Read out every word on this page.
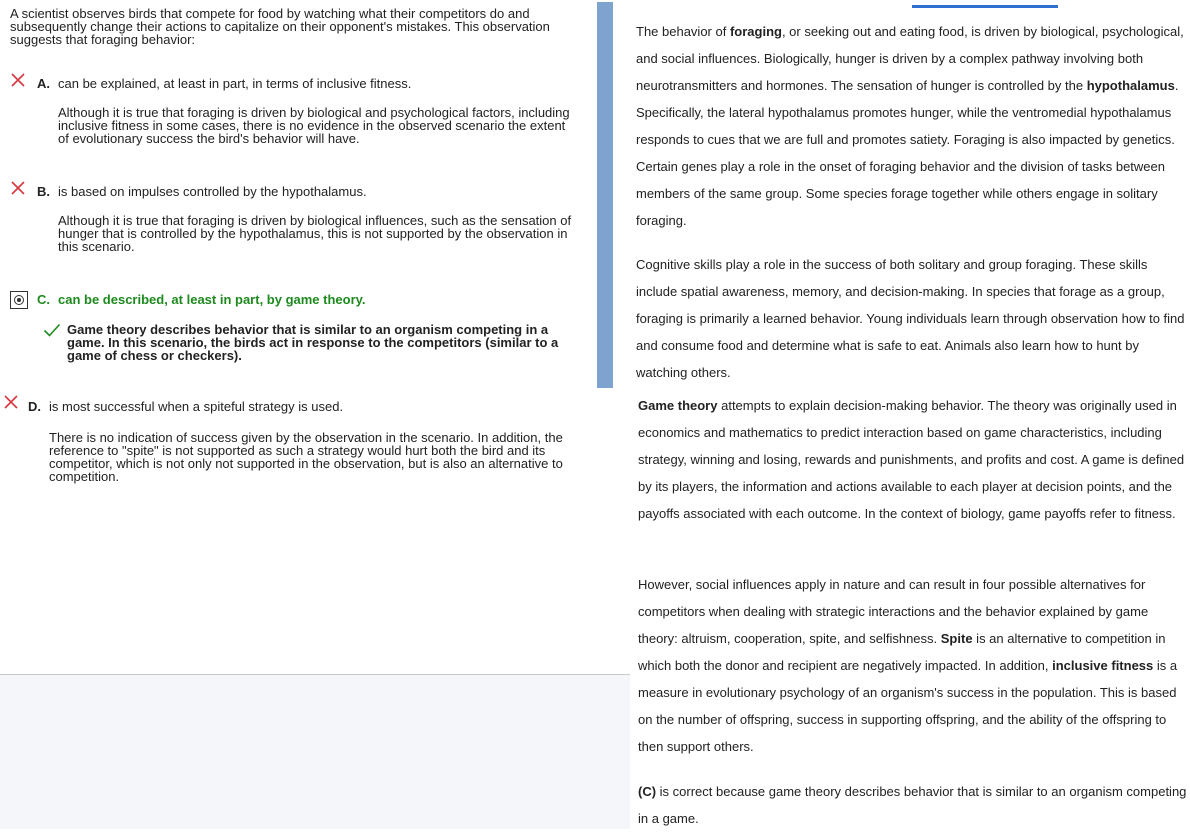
A scientist observes birds that compete for food by watching what their competitors do and subsequently change their actions to capitalize on their opponent's mistakes. This observation suggests that foraging behavior:
A. can be explained, at least in part, in terms of inclusive fitness.
Although it is true that foraging is driven by biological and psychological factors, including inclusive fitness in some cases, there is no evidence in the observed scenario the extent of evolutionary success the bird's behavior will have.
B. is based on impulses controlled by the hypothalamus.
Although it is true that foraging is driven by biological influences, such as the sensation of hunger that is controlled by the hypothalamus, this is not supported by the observation in this scenario.
C. can be described, at least in part, by game theory.
Game theory describes behavior that is similar to an organism competing in a game. In this scenario, the birds act in response to the competitors (similar to a game of chess or checkers).
D. is most successful when a spiteful strategy is used.
There is no indication of success given by the observation in the scenario. In addition, the reference to "spite" is not supported as such a strategy would hurt both the bird and its competitor, which is not only not supported in the observation, but is also an alternative to competition.
The behavior of foraging, or seeking out and eating food, is driven by biological, psychological, and social influences. Biologically, hunger is driven by a complex pathway involving both neurotransmitters and hormones. The sensation of hunger is controlled by the hypothalamus. Specifically, the lateral hypothalamus promotes hunger, while the ventromedial hypothalamus responds to cues that we are full and promotes satiety. Foraging is also impacted by genetics. Certain genes play a role in the onset of foraging behavior and the division of tasks between members of the same group. Some species forage together while others engage in solitary foraging.
Cognitive skills play a role in the success of both solitary and group foraging. These skills include spatial awareness, memory, and decision-making. In species that forage as a group, foraging is primarily a learned behavior. Young individuals learn through observation how to find and consume food and determine what is safe to eat. Animals also learn how to hunt by watching others.
Game theory attempts to explain decision-making behavior. The theory was originally used in economics and mathematics to predict interaction based on game characteristics, including strategy, winning and losing, rewards and punishments, and profits and cost. A game is defined by its players, the information and actions available to each player at decision points, and the payoffs associated with each outcome. In the context of biology, game payoffs refer to fitness.
However, social influences apply in nature and can result in four possible alternatives for competitors when dealing with strategic interactions and the behavior explained by game theory: altruism, cooperation, spite, and selfishness. Spite is an alternative to competition in which both the donor and recipient are negatively impacted. In addition, inclusive fitness is a measure in evolutionary psychology of an organism's success in the population. This is based on the number of offspring, success in supporting offspring, and the ability of the offspring to then support others.
(C) is correct because game theory describes behavior that is similar to an organism competing in a game.
